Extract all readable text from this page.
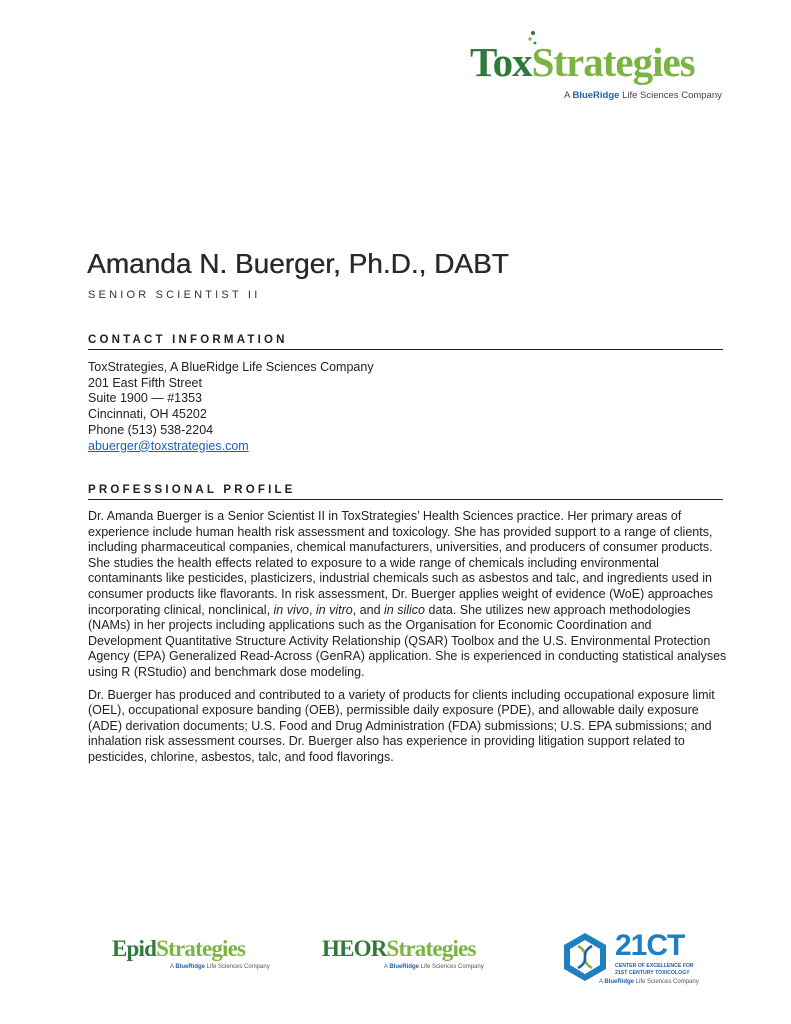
ToxStrategies
A BlueRidge Life Sciences Company
Amanda N. Buerger, Ph.D., DABT
SENIOR SCIENTIST II
CONTACT INFORMATION
ToxStrategies, A BlueRidge Life Sciences Company
201 East Fifth Street
Suite 1900 — #1353
Cincinnati, OH 45202
Phone (513) 538-2204
abuerger@toxstrategies.com
PROFESSIONAL PROFILE

Dr. Amanda Buerger is a Senior Scientist II in ToxStrategies’ Health Sciences practice. Her primary areas of experience include human health risk assessment and toxicology. She has provided support to a range of clients, including pharmaceutical companies, chemical manufacturers, universities, and producers of consumer products. She studies the health effects related to exposure to a wide range of chemicals including environmental contaminants like pesticides, plasticizers, industrial chemicals such as asbestos and talc, and ingredients used in consumer products like flavorants. In risk assessment, Dr. Buerger applies weight of evidence (WoE) approaches incorporating clinical, nonclinical, in vivo, in vitro, and in silico data. She utilizes new approach methodologies (NAMs) in her projects including applications such as the Organisation for Economic Coordination and Development Quantitative Structure Activity Relationship (QSAR) Toolbox and the U.S. Environmental Protection Agency (EPA) Generalized Read-Across (GenRA) application. She is experienced in conducting statistical analyses using R (RStudio) and benchmark dose modeling.

Dr. Buerger has produced and contributed to a variety of products for clients including occupational exposure limit (OEL), occupational exposure banding (OEB), permissible daily exposure (PDE), and allowable daily exposure (ADE) derivation documents; U.S. Food and Drug Administration (FDA) submissions; U.S. EPA submissions; and inhalation risk assessment courses. Dr. Buerger also has experience in providing litigation support related to pesticides, chlorine, asbestos, talc, and food flavorings.

EpidStrategies
A BlueRidge Life Sciences Company
HEORStrategies
A BlueRidge Life Sciences Company
21CT
CENTER OF EXCELLENCE FOR
21ST CENTURY TOXICOLOGY
A BlueRidge Life Sciences Company
